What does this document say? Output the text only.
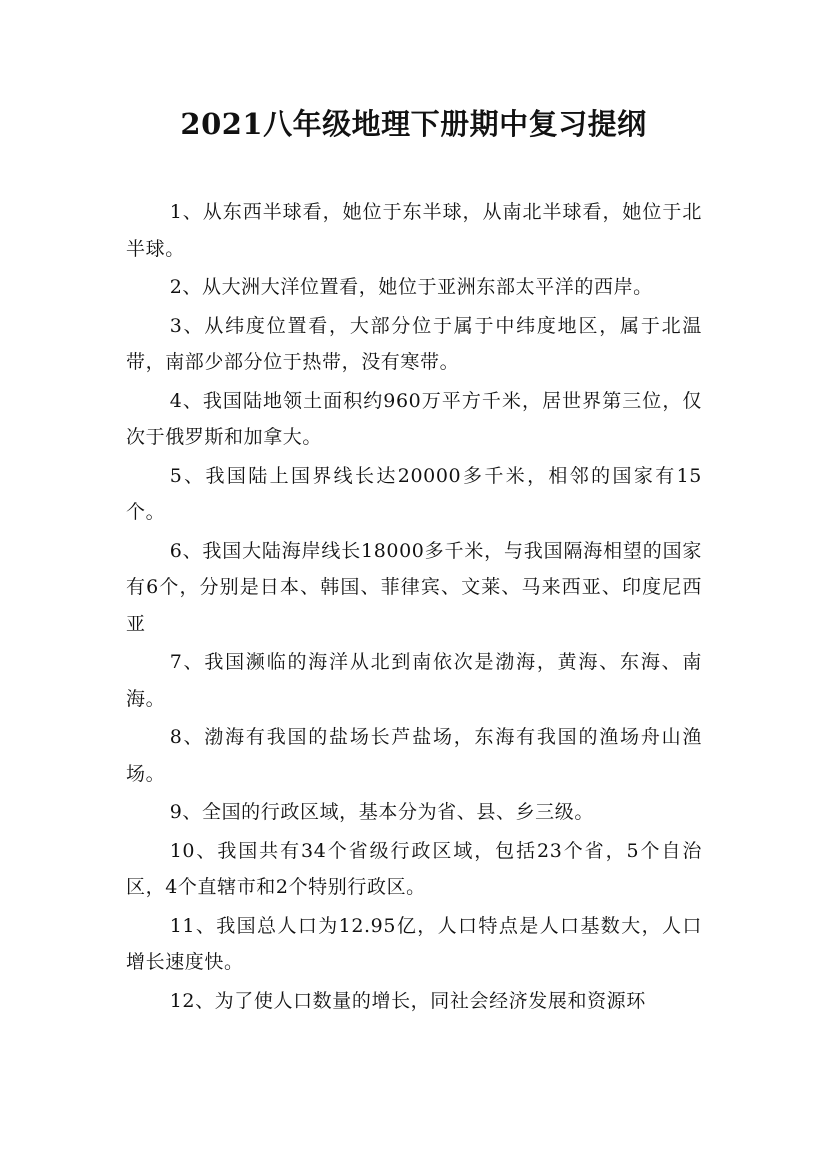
2021八年级地理下册期中复习提纲

1、从东西半球看，她位于东半球，从南北半球看，她位于北半球。

2、从大洲大洋位置看，她位于亚洲东部太平洋的西岸。

3、从纬度位置看，大部分位于属于中纬度地区，属于北温带，南部少部分位于热带，没有寒带。

4、我国陆地领土面积约960万平方千米，居世界第三位，仅次于俄罗斯和加拿大。

5、我国陆上国界线长达20000多千米，相邻的国家有15个。

6、我国大陆海岸线长18000多千米，与我国隔海相望的国家有6个，分别是日本、韩国、菲律宾、文莱、马来西亚、印度尼西亚

7、我国濒临的海洋从北到南依次是渤海，黄海、东海、南海。

8、渤海有我国的盐场长芦盐场，东海有我国的渔场舟山渔场。

9、全国的行政区域，基本分为省、县、乡三级。

10、我国共有34个省级行政区域，包括23个省，5个自治区，4个直辖市和2个特别行政区。

11、我国总人口为12.95亿，人口特点是人口基数大，人口增长速度快。

12、为了使人口数量的增长，同社会经济发展和资源环
